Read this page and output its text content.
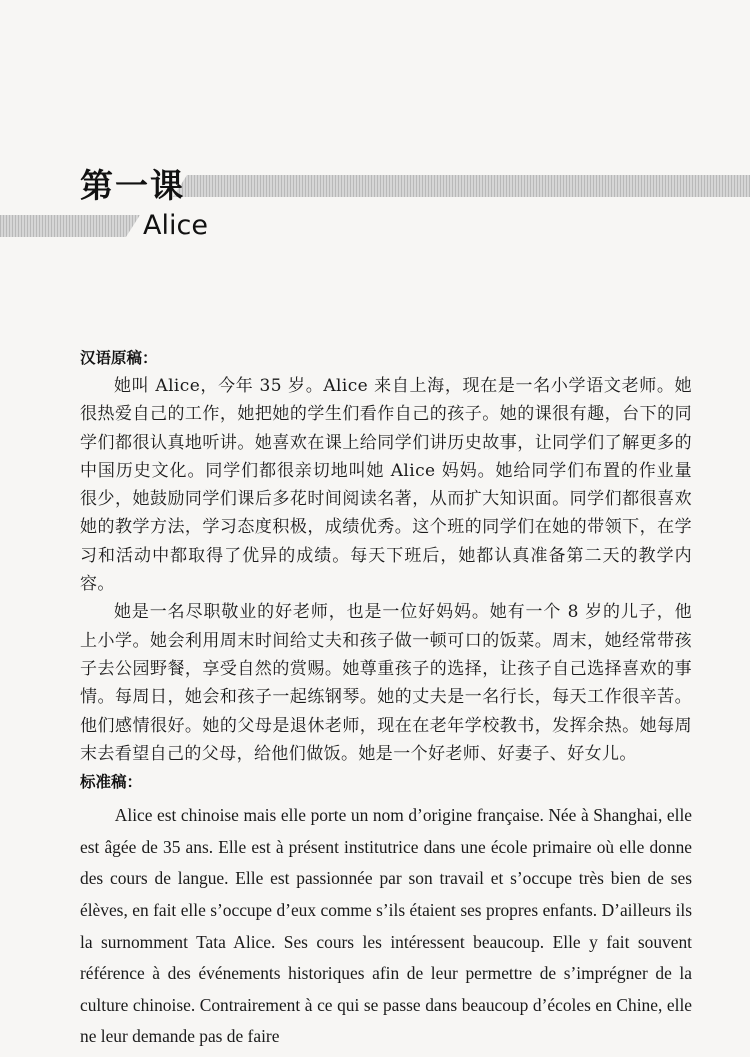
第一课
Alice
汉语原稿：

她叫 Alice，今年 35 岁。Alice 来自上海，现在是一名小学语文老师。她很热爱自己的工作，她把她的学生们看作自己的孩子。她的课很有趣，台下的同学们都很认真地听讲。她喜欢在课上给同学们讲历史故事，让同学们了解更多的中国历史文化。同学们都很亲切地叫她 Alice 妈妈。她给同学们布置的作业量很少，她鼓励同学们课后多花时间阅读名著，从而扩大知识面。同学们都很喜欢她的教学方法，学习态度积极，成绩优秀。这个班的同学们在她的带领下，在学习和活动中都取得了优异的成绩。每天下班后，她都认真准备第二天的教学内容。

她是一名尽职敬业的好老师，也是一位好妈妈。她有一个 8 岁的儿子，他上小学。她会利用周末时间给丈夫和孩子做一顿可口的饭菜。周末，她经常带孩子去公园野餐，享受自然的赏赐。她尊重孩子的选择，让孩子自己选择喜欢的事情。每周日，她会和孩子一起练钢琴。她的丈夫是一名行长，每天工作很辛苦。他们感情很好。她的父母是退休老师，现在在老年学校教书，发挥余热。她每周末去看望自己的父母，给他们做饭。她是一个好老师、好妻子、好女儿。

标准稿：

Alice est chinoise mais elle porte un nom d’origine française. Née à Shanghai, elle est âgée de 35 ans. Elle est à présent institutrice dans une école primaire où elle donne des cours de langue. Elle est passionnée par son travail et s’occupe très bien de ses élèves, en fait elle s’occupe d’eux comme s’ils étaient ses propres enfants. D’ailleurs ils la surnomment Tata Alice. Ses cours les intéressent beaucoup. Elle y fait souvent référence à des événements historiques afin de leur permettre de s’imprégner de la culture chinoise. Contrairement à ce qui se passe dans beaucoup d’écoles en Chine, elle ne leur demande pas de faire
